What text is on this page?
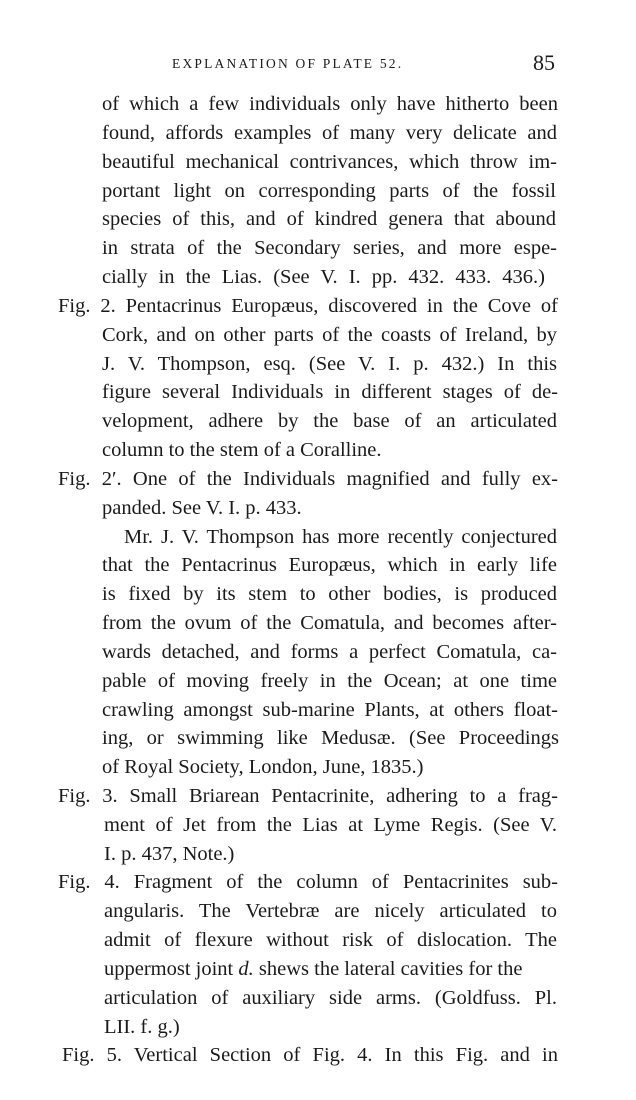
EXPLANATION OF PLATE 52.	85
of which a few individuals only have hitherto been
found, affords examples of many very delicate and
beautiful mechanical contrivances, which throw im-
portant light on corresponding parts of the fossil
species of this, and of kindred genera that abound
in strata of the Secondary series, and more espe-
cially in the Lias. (See V. I. pp. 432. 433. 436.)
Fig. 2. Pentacrinus Europæus, discovered in the Cove of
Cork, and on other parts of the coasts of Ireland, by
J. V. Thompson, esq. (See V. I. p. 432.) In this
figure several Individuals in different stages of de-
velopment, adhere by the base of an articulated
column to the stem of a Coralline.
Fig. 2′. One of the Individuals magnified and fully ex-
panded. See V. I. p. 433.
Mr. J. V. Thompson has more recently conjectured
that the Pentacrinus Europæus, which in early life
is fixed by its stem to other bodies, is produced
from the ovum of the Comatula, and becomes after-
wards detached, and forms a perfect Comatula, ca-
pable of moving freely in the Ocean; at one time
crawling amongst sub-marine Plants, at others float-
ing, or swimming like Medusæ. (See Proceedings
of Royal Society, London, June, 1835.)
Fig. 3. Small Briarean Pentacrinite, adhering to a frag-
ment of Jet from the Lias at Lyme Regis. (See V.
I. p. 437, Note.)
Fig. 4. Fragment of the column of Pentacrinites sub-
angularis. The Vertebræ are nicely articulated to
admit of flexure without risk of dislocation. The
uppermost joint d. shews the lateral cavities for the
articulation of auxiliary side arms. (Goldfuss. Pl.
LII. f. g.)
Fig. 5. Vertical Section of Fig. 4. In this Fig. and in
